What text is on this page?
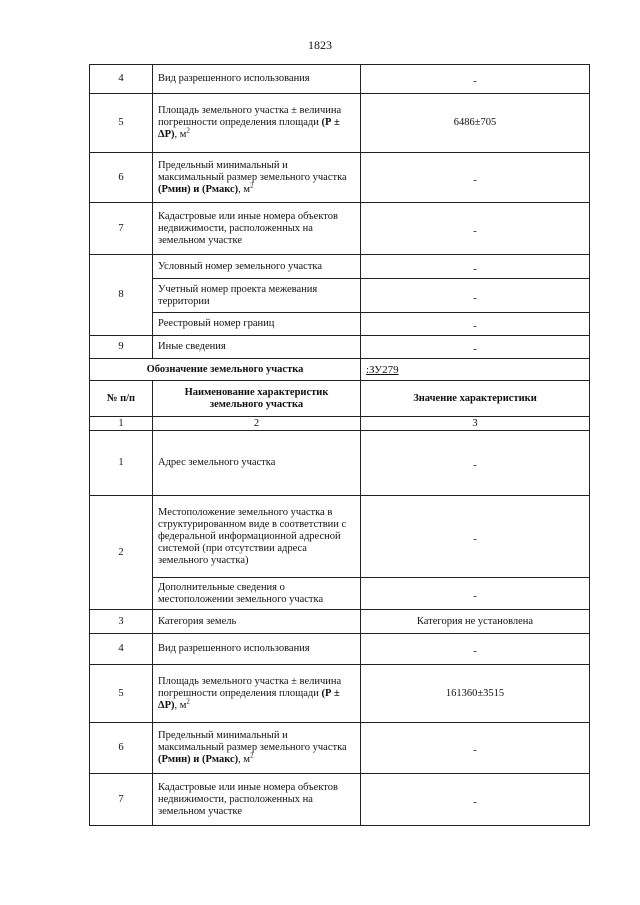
1823
4	Вид разрешенного использования	-
5	Площадь земельного участка ± величина погрешности определения площади (Р ± ΔР), $м^2$	6486±705
6	Предельный минимальный и максимальный размер земельного участка (Рмин) и (Рмакс), $м^2$	-
7	Кадастровые или иные номера объектов недвижимости, расположенных на земельном участке	-
8	Условный номер земельного участка	-
	Учетный номер проекта межевания территории	-
	Реестровый номер границ	-
9	Иные сведения	-
Обозначение земельного участка		:ЗУ279
№ п/п	Наименование характеристик земельного участка	Значение характеристики
1	2	3
1	Адрес земельного участка	-
2	Местоположение земельного участка в структурированном виде в соответствии с федеральной информационной адресной системой (при отсутствии адреса земельного участка)	-
	Дополнительные сведения о местоположении земельного участка	-
3	Категория земель	Категория не установлена
4	Вид разрешенного использования	-
5	Площадь земельного участка ± величина погрешности определения площади (Р ± ΔР), $м^2$	161360±3515
6	Предельный минимальный и максимальный размер земельного участка (Рмин) и (Рмакс), $м^2$	-
7	Кадастровые или иные номера объектов недвижимости, расположенных на земельном участке	-
